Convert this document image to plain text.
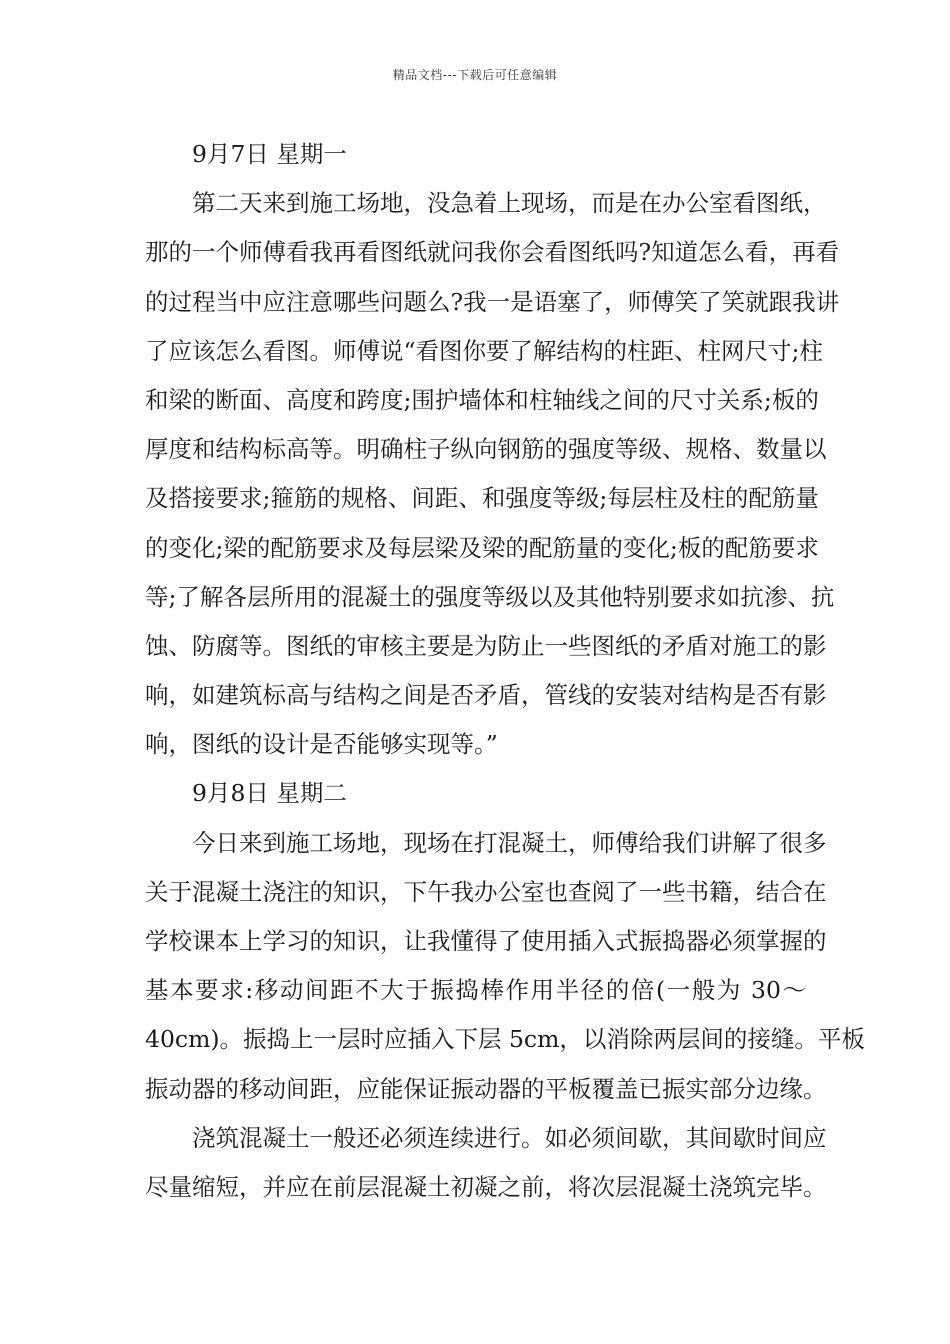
精品文档---下载后可任意编辑
9月7日 星期一
第二天来到施工场地，没急着上现场，而是在办公室看图纸，
那的一个师傅看我再看图纸就问我你会看图纸吗?知道怎么看，再看
的过程当中应注意哪些问题么?我一是语塞了，师傅笑了笑就跟我讲
了应该怎么看图。师傅说“看图你要了解结构的柱距、柱网尺寸;柱
和梁的断面、高度和跨度;围护墙体和柱轴线之间的尺寸关系;板的
厚度和结构标高等。明确柱子纵向钢筋的强度等级、规格、数量以
及搭接要求;箍筋的规格、间距、和强度等级;每层柱及柱的配筋量
的变化;梁的配筋要求及每层梁及梁的配筋量的变化;板的配筋要求
等;了解各层所用的混凝土的强度等级以及其他特别要求如抗渗、抗
蚀、防腐等。图纸的审核主要是为防止一些图纸的矛盾对施工的影
响，如建筑标高与结构之间是否矛盾，管线的安装对结构是否有影
响，图纸的设计是否能够实现等。”
9月8日 星期二
今日来到施工场地，现场在打混凝土，师傅给我们讲解了很多
关于混凝土浇注的知识，下午我办公室也查阅了一些书籍，结合在
学校课本上学习的知识，让我懂得了使用插入式振捣器必须掌握的
基本要求:移动间距不大于振捣棒作用半径的倍(一般为 30～
40cm)。振捣上一层时应插入下层 5cm，以消除两层间的接缝。平板
振动器的移动间距，应能保证振动器的平板覆盖已振实部分边缘。
浇筑混凝土一般还必须连续进行。如必须间歇，其间歇时间应
尽量缩短，并应在前层混凝土初凝之前，将次层混凝土浇筑完毕。
